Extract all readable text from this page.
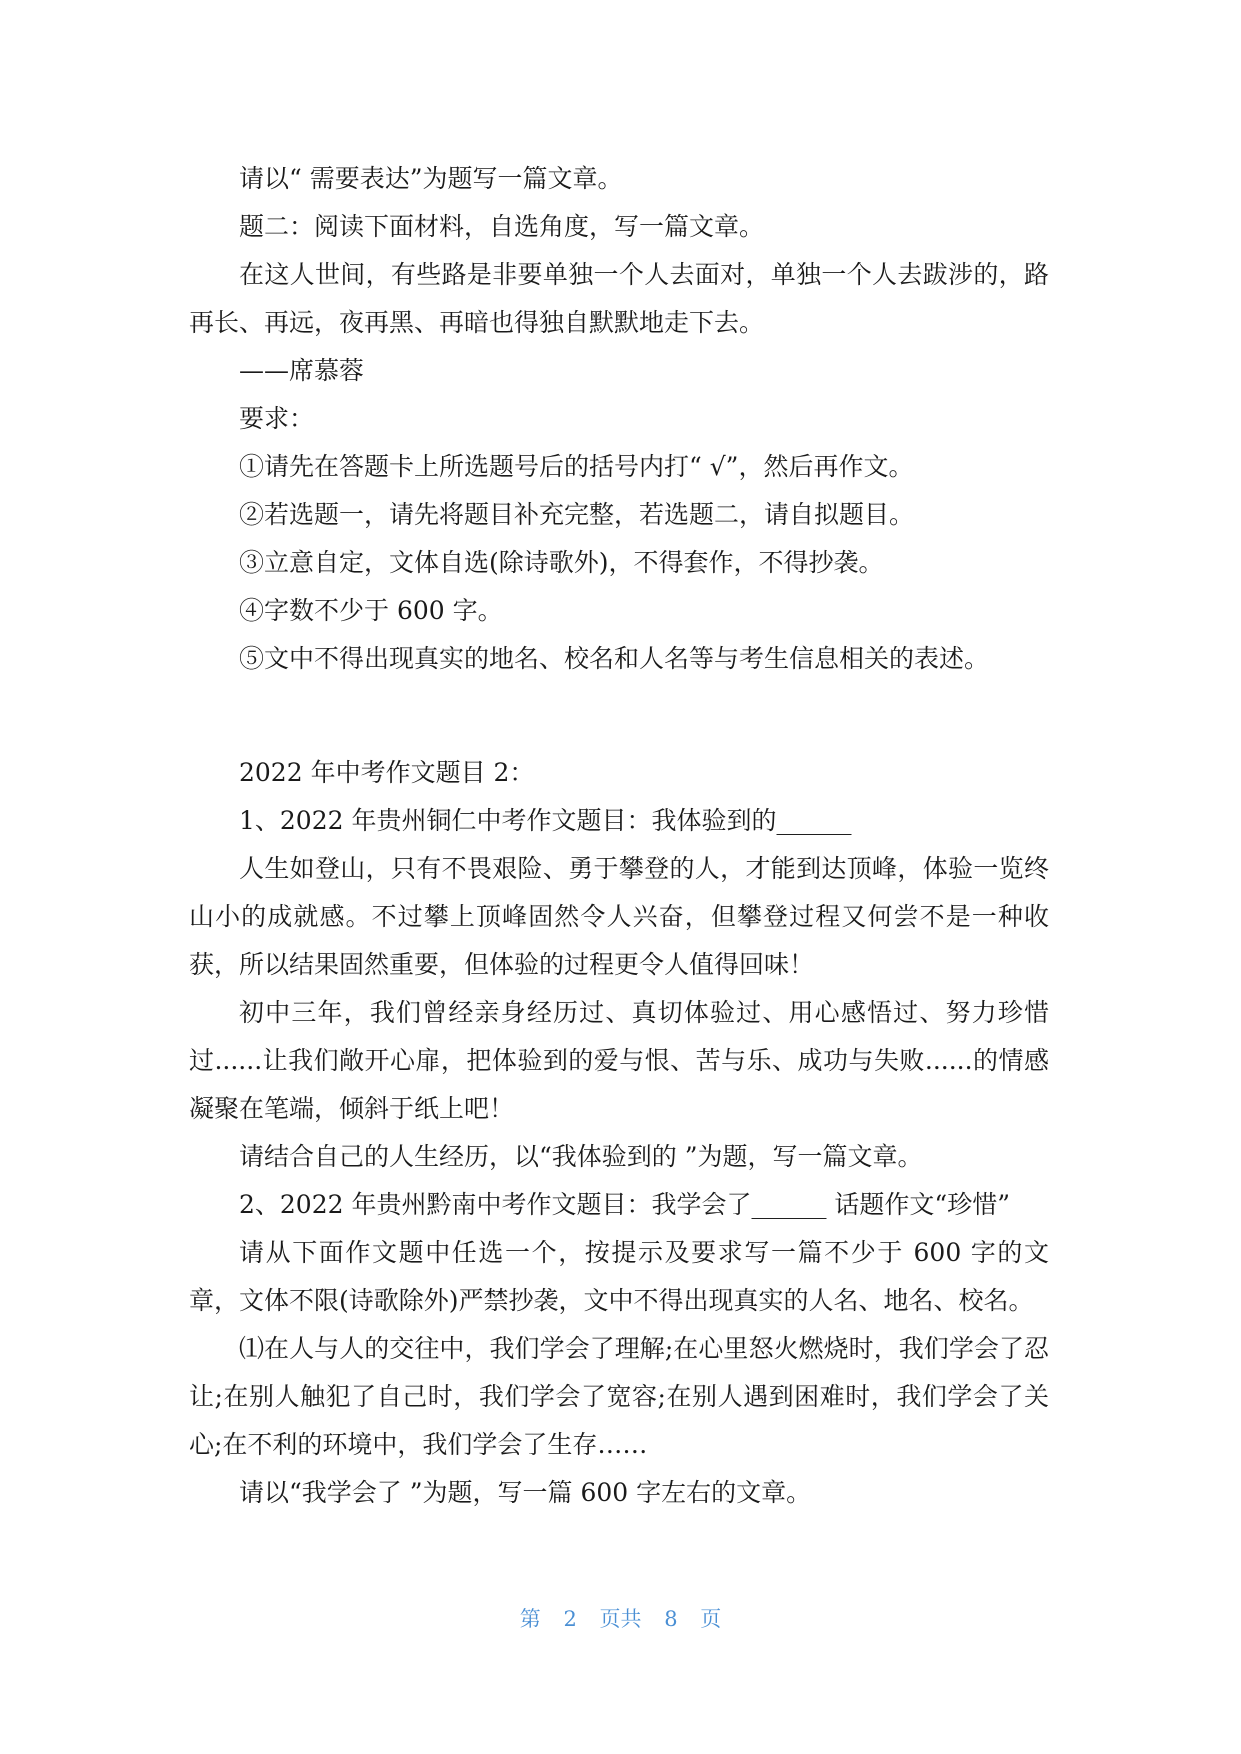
请以“ 需要表达”为题写一篇文章。

题二：阅读下面材料，自选角度，写一篇文章。

在这人世间，有些路是非要单独一个人去面对，单独一个人去跋涉的，路再长、再远，夜再黑、再暗也得独自默默地走下去。

——席慕蓉

要求：

①请先在答题卡上所选题号后的括号内打“ √”，然后再作文。

②若选题一，请先将题目补充完整，若选题二，请自拟题目。

③立意自定，文体自选(除诗歌外)，不得套作，不得抄袭。

④字数不少于 600 字。

⑤文中不得出现真实的地名、校名和人名等与考生信息相关的表述。

2022 年中考作文题目 2：

1、2022 年贵州铜仁中考作文题目：我体验到的______

人生如登山，只有不畏艰险、勇于攀登的人，才能到达顶峰，体验一览终山小的成就感。不过攀上顶峰固然令人兴奋，但攀登过程又何尝不是一种收获，所以结果固然重要，但体验的过程更令人值得回味！

初中三年，我们曾经亲身经历过、真切体验过、用心感悟过、努力珍惜过......让我们敞开心扉，把体验到的爱与恨、苦与乐、成功与失败......的情感凝聚在笔端，倾斜于纸上吧！

请结合自己的人生经历，以“我体验到的 ”为题，写一篇文章。

2、2022 年贵州黔南中考作文题目：我学会了______ 话题作文“珍惜”

请从下面作文题中任选一个，按提示及要求写一篇不少于 600 字的文章，文体不限(诗歌除外)严禁抄袭，文中不得出现真实的人名、地名、校名。

⑴在人与人的交往中，我们学会了理解;在心里怒火燃烧时，我们学会了忍让;在别人触犯了自己时，我们学会了宽容;在别人遇到困难时，我们学会了关心;在不利的环境中，我们学会了生存……

请以“我学会了 ”为题，写一篇 600 字左右的文章。

第 2 页共 8 页
